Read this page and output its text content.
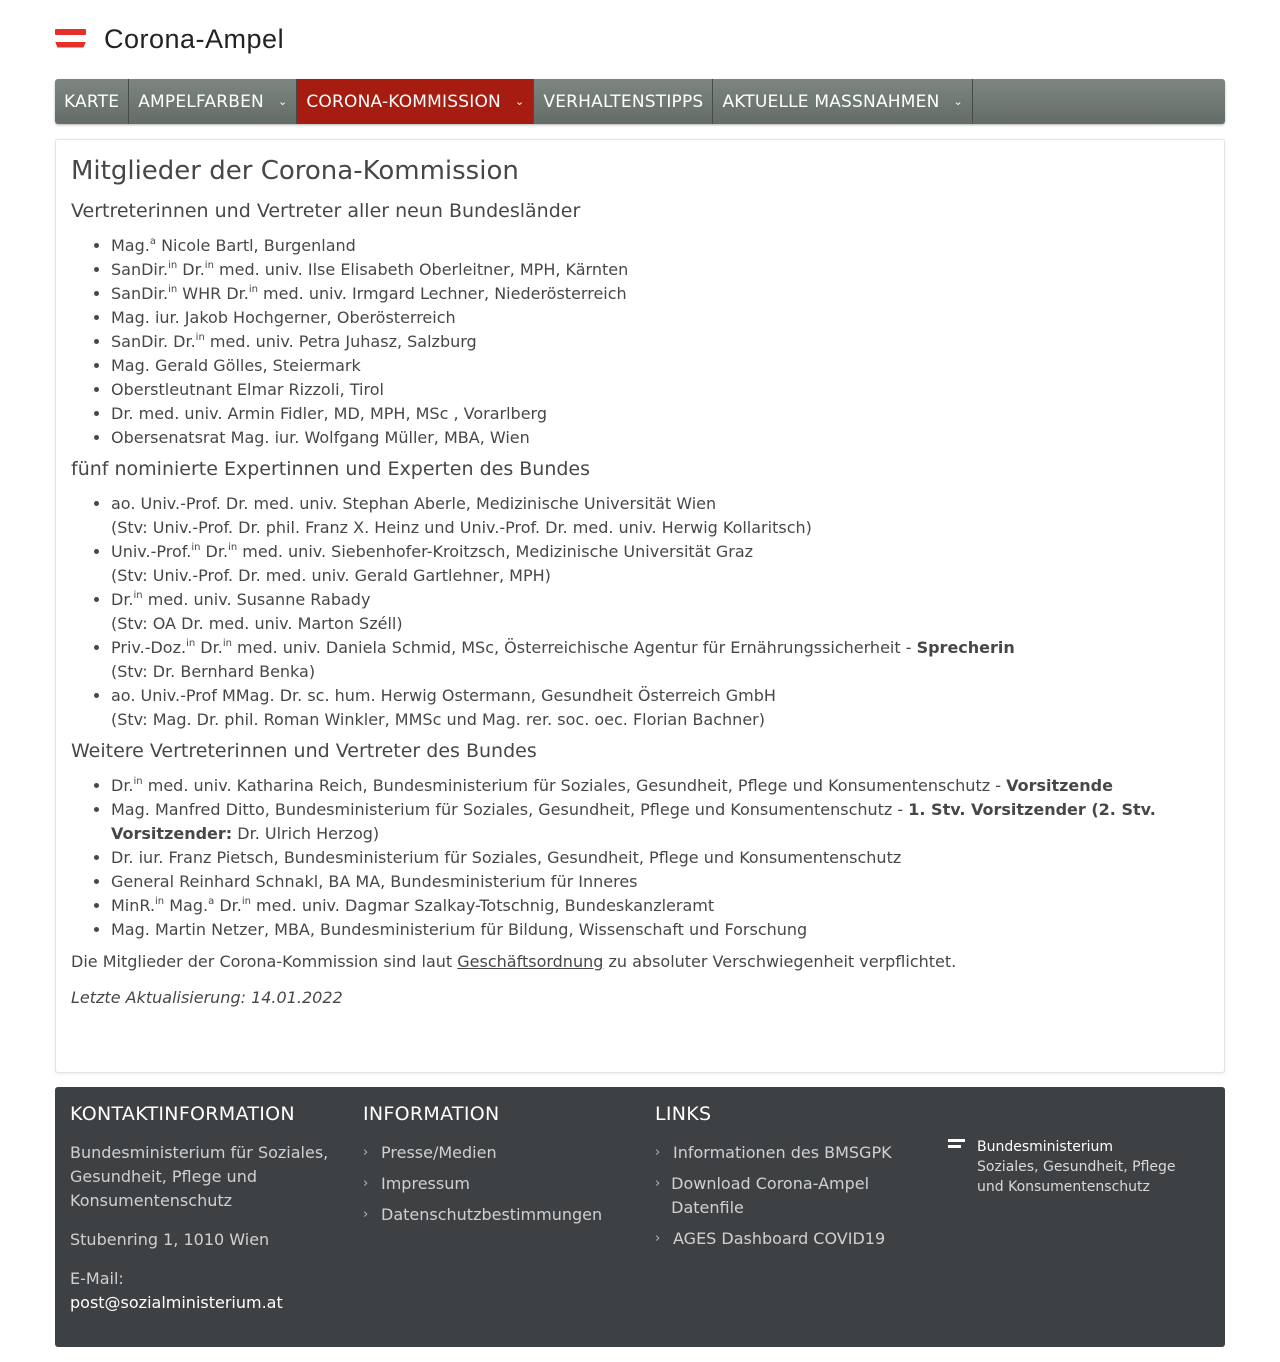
Corona-Ampel
KARTE AMPELFARBEN ⌄ CORONA-KOMMISSION ⌄ VERHALTENSTIPPS AKTUELLE MASSNAHMEN ⌄
Mitglieder der Corona-Kommission
Vertreterinnen und Vertreter aller neun Bundesländer
• Mag.$^a$ Nicole Bartl, Burgenland
• SanDir.$^{in}$ Dr.$^{in}$ med. univ. Ilse Elisabeth Oberleitner, MPH, Kärnten
• SanDir.$^{in}$ WHR Dr.$^{in}$ med. univ. Irmgard Lechner, Niederösterreich
• Mag. iur. Jakob Hochgerner, Oberösterreich
• SanDir. Dr.$^{in}$ med. univ. Petra Juhasz, Salzburg
• Mag. Gerald Gölles, Steiermark
• Oberstleutnant Elmar Rizzoli, Tirol
• Dr. med. univ. Armin Fidler, MD, MPH, MSc , Vorarlberg
• Obersenatsrat Mag. iur. Wolfgang Müller, MBA, Wien
fünf nominierte Expertinnen und Experten des Bundes
• ao. Univ.-Prof. Dr. med. univ. Stephan Aberle, Medizinische Universität Wien
(Stv: Univ.-Prof. Dr. phil. Franz X. Heinz und Univ.-Prof. Dr. med. univ. Herwig Kollaritsch)
• Univ.-Prof.$^{in}$ Dr.$^{in}$ med. univ. Siebenhofer-Kroitzsch, Medizinische Universität Graz
(Stv: Univ.-Prof. Dr. med. univ. Gerald Gartlehner, MPH)
• Dr.$^{in}$ med. univ. Susanne Rabady
(Stv: OA Dr. med. univ. Marton Széll)
• Priv.-Doz.$^{in}$ Dr.$^{in}$ med. univ. Daniela Schmid, MSc, Österreichische Agentur für Ernährungssicherheit - Sprecherin
(Stv: Dr. Bernhard Benka)
• ao. Univ.-Prof MMag. Dr. sc. hum. Herwig Ostermann, Gesundheit Österreich GmbH
(Stv: Mag. Dr. phil. Roman Winkler, MMSc und Mag. rer. soc. oec. Florian Bachner)
Weitere Vertreterinnen und Vertreter des Bundes
• Dr.$^{in}$ med. univ. Katharina Reich, Bundesministerium für Soziales, Gesundheit, Pflege und Konsumentenschutz - Vorsitzende
• Mag. Manfred Ditto, Bundesministerium für Soziales, Gesundheit, Pflege und Konsumentenschutz - 1. Stv. Vorsitzender (2. Stv. Vorsitzender: Dr. Ulrich Herzog)
• Dr. iur. Franz Pietsch, Bundesministerium für Soziales, Gesundheit, Pflege und Konsumentenschutz
• General Reinhard Schnakl, BA MA, Bundesministerium für Inneres
• MinR.$^{in}$ Mag.$^a$ Dr.$^{in}$ med. univ. Dagmar Szalkay-Totschnig, Bundeskanzleramt
• Mag. Martin Netzer, MBA, Bundesministerium für Bildung, Wissenschaft und Forschung

Die Mitglieder der Corona-Kommission sind laut Geschäftsordnung zu absoluter Verschwiegenheit verpflichtet.

Letzte Aktualisierung: 14.01.2022

KONTAKTINFORMATION

Bundesministerium für Soziales, Gesundheit, Pflege und Konsumentenschutz

Stubenring 1, 1010 Wien

E-Mail:
post@sozialministerium.at

INFORMATION
› Presse/Medien
› Impressum
› Datenschutzbestimmungen
LINKS
› Informationen des BMSGPK
› Download Corona-Ampel Datenfile
› AGES Dashboard COVID19
Bundesministerium
Soziales, Gesundheit, Pflege
und Konsumentenschutz
